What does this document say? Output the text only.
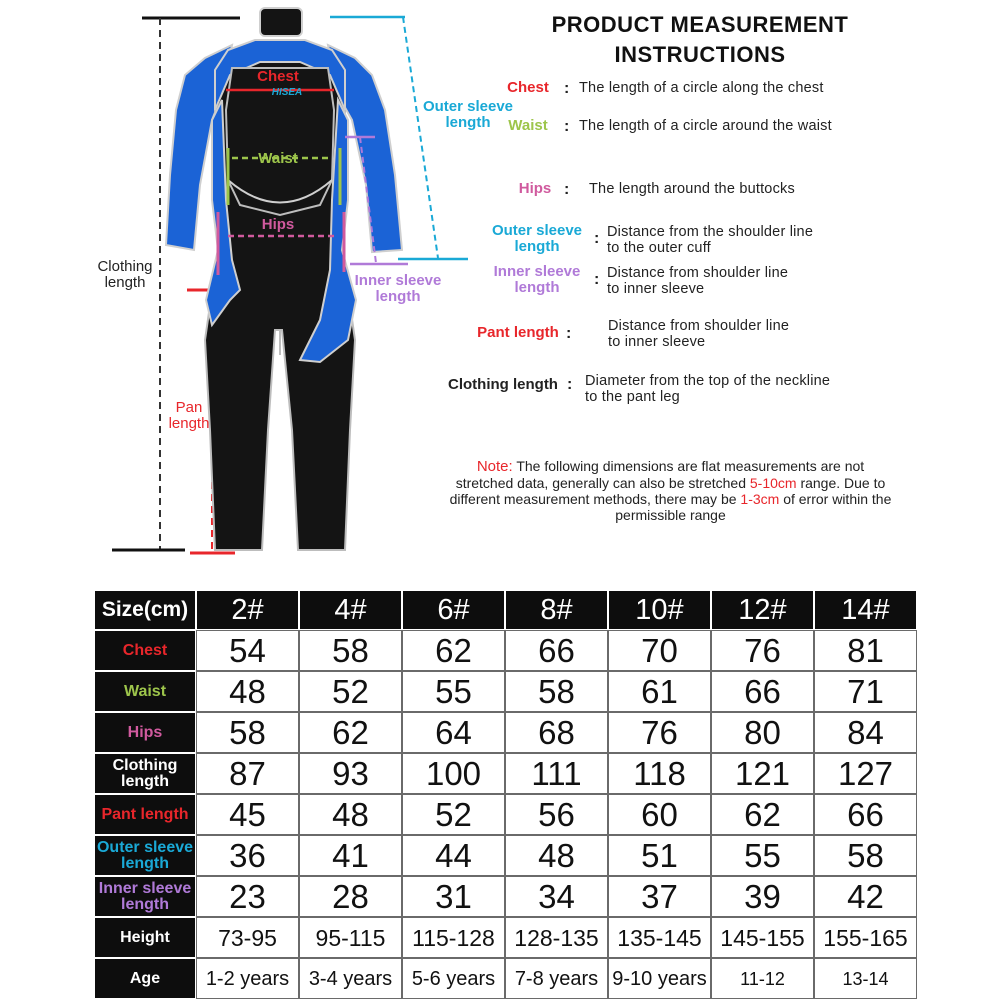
Chest
HISEA
Waist
Hips
Outer sleeve
length
Inner sleeve
length
Clothing
length
Pan
length
PRODUCT MEASUREMENT
INSTRUCTIONS
Chest : The length of a circle along the chest
Waist	: The length of a circle around the waist
Hips : The length around the buttocks
Outer sleeve
length	: Distance from the shoulder line
to the outer cuff
Inner sleeve
length	: Distance from shoulder line
to inner sleeve
Pant length :	Distance from shoulder line
to inner sleeve
Clothing length : Diameter from the top of the neckline
to the pant leg
Note: The following dimensions are flat measurements are not stretched data, generally can also be stretched 5-10cm range. Due to different measurement methods, there may be 1-3cm of error within the permissible range
Size(cm)	2#	4#	6#	8#	10#	12#	14#

Chest	54	58	62	66	70	76	81

Waist	48	52	55	58	61	66	71

Hips	58	62	64	68	76	80	84

Clothing
length	87	93	100	111	118	121	127

Pant length	45	48	52	56	60	62	66

Outer sleeve
length	36	41	44	48	51	55	58

Inner sleeve
length	23	28	31	34	37	39	42

Height	73-95	95-115	115-128	128-135	135-145	145-155	155-165

Age	1-2 years	3-4 years	5-6 years	7-8 years	9-10 years	11-12	13-14
